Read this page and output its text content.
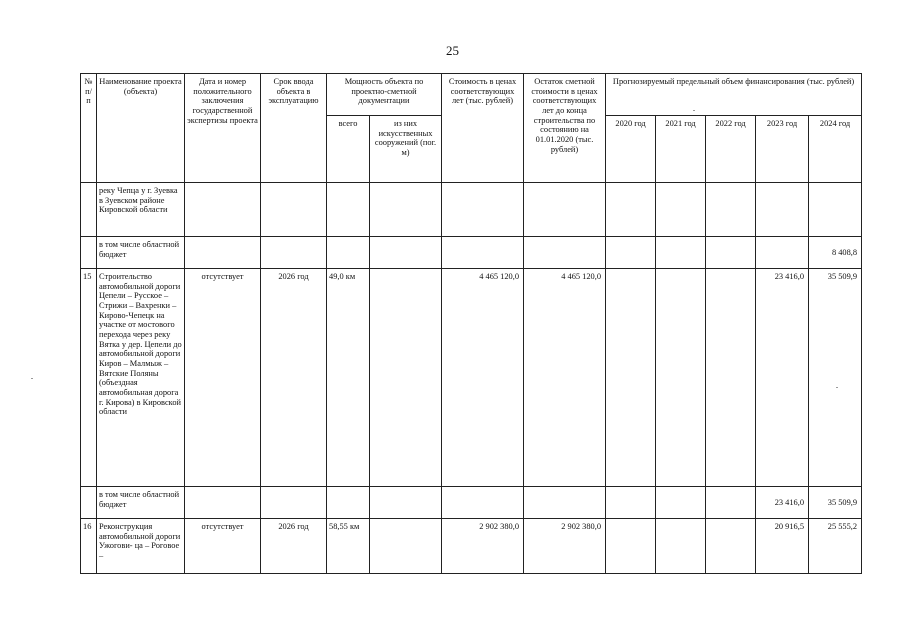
25
№ п/п	Наименование проекта (объекта)	Дата и номер положительного заключения государственной экспертизы проекта	Срок ввода объекта в эксплуатацию	Мощность объекта по проектно-сметной документации		Стоимость в ценах соответствующих лет (тыс. рублей)	Остаток сметной стоимости в ценах соответствующих лет до конца строительства по состоянию на 01.01.2020 (тыс. рублей)	Прогнозируемый предельный объем финансирования (тыс. рублей)				
				всего	из них искусственных сооружений (пог. м)			2020 год	2021 год	2022 год	2023 год	2024 год
	реку Чепца у г. Зуевка в Зуевском районе Кировской области											
	в том числе областной бюджет											8 408,8
15	Строительство автомобильной дороги Цепели – Русское – Стрижи – Вахренки – Кирово-Чепецк на участке от мостового перехода через реку Вятка у дер. Цепели до автомобильной дороги Киров – Малмыж – Вятские Поляны (объездная автомобильная дорога г. Кирова) в Кировской области	отсутствует	2026 год	49,0 км		4 465 120,0	4 465 120,0				23 416,0	35 509,9
	в том числе областной бюджет										23 416,0	35 509,9
16	Реконструкция автомобильной дороги Ужогови- ца – Роговое –	отсутствует	2026 год	58,55 км		2 902 380,0	2 902 380,0				20 916,5	25 555,2
